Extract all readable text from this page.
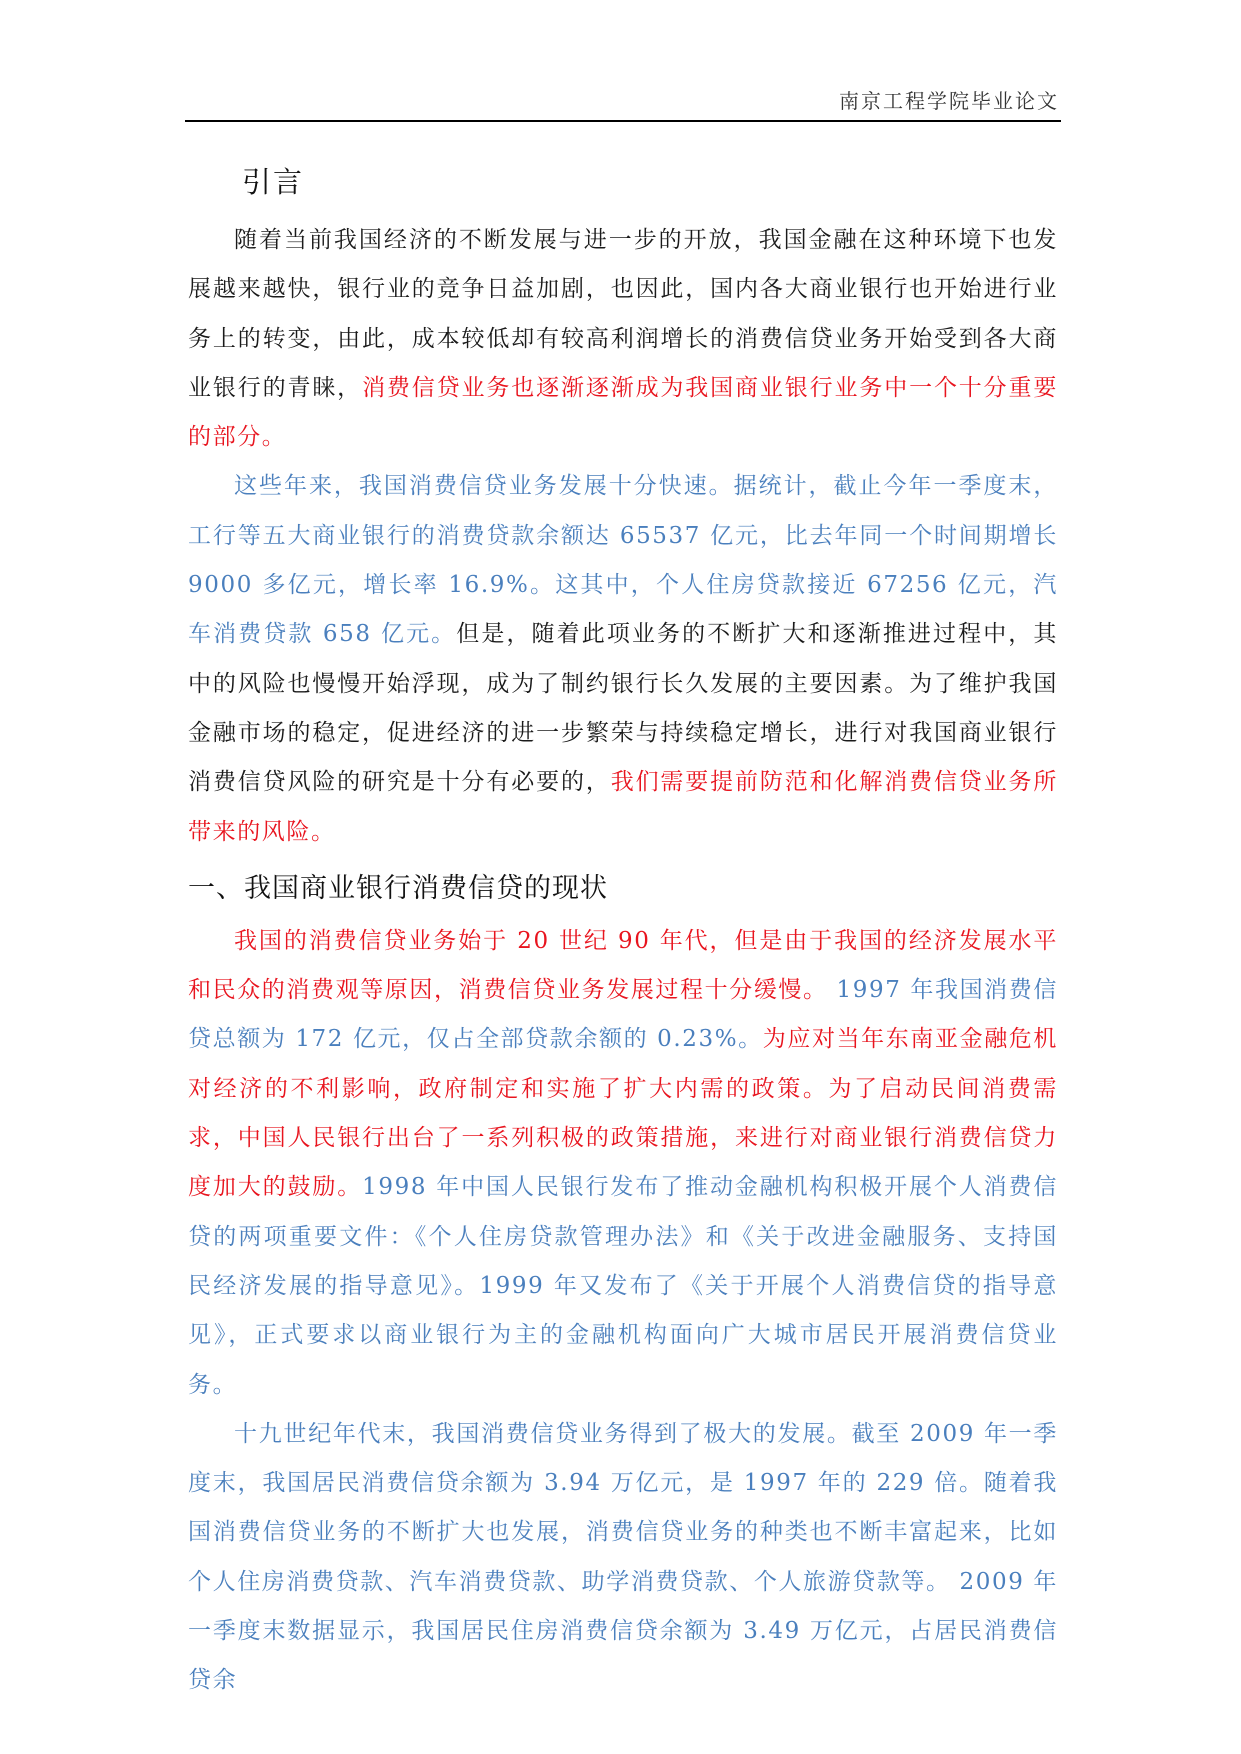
南京工程学院毕业论文
引言

随着当前我国经济的不断发展与进一步的开放，我国金融在这种环境下也发展越来越快，银行业的竞争日益加剧，也因此，国内各大商业银行也开始进行业务上的转变，由此，成本较低却有较高利润增长的消费信贷业务开始受到各大商业银行的青睐，消费信贷业务也逐渐逐渐成为我国商业银行业务中一个十分重要的部分。

这些年来，我国消费信贷业务发展十分快速。据统计，截止今年一季度末，工行等五大商业银行的消费贷款余额达 65537 亿元，比去年同一个时间期增长 9000 多亿元，增长率 16.9%。这其中，个人住房贷款接近 67256 亿元，汽车消费贷款 658 亿元。但是，随着此项业务的不断扩大和逐渐推进过程中，其中的风险也慢慢开始浮现，成为了制约银行长久发展的主要因素。为了维护我国金融市场的稳定，促进经济的进一步繁荣与持续稳定增长，进行对我国商业银行消费信贷风险的研究是十分有必要的，我们需要提前防范和化解消费信贷业务所带来的风险。

一、我国商业银行消费信贷的现状

我国的消费信贷业务始于 20 世纪 90 年代，但是由于我国的经济发展水平和民众的消费观等原因，消费信贷业务发展过程十分缓慢。 1997 年我国消费信贷总额为 172 亿元，仅占全部贷款余额的 0.23%。为应对当年东南亚金融危机对经济的不利影响，政府制定和实施了扩大内需的政策。为了启动民间消费需求，中国人民银行出台了一系列积极的政策措施，来进行对商业银行消费信贷力度加大的鼓励。1998 年中国人民银行发布了推动金融机构积极开展个人消费信贷的两项重要文件：《个人住房贷款管理办法》和《关于改进金融服务、支持国民经济发展的指导意见》。1999 年又发布了《关于开展个人消费信贷的指导意见》，正式要求以商业银行为主的金融机构面向广大城市居民开展消费信贷业务。

十九世纪年代末，我国消费信贷业务得到了极大的发展。截至 2009 年一季度末，我国居民消费信贷余额为 3.94 万亿元，是 1997 年的 229 倍。随着我国消费信贷业务的不断扩大也发展，消费信贷业务的种类也不断丰富起来，比如个人住房消费贷款、汽车消费贷款、助学消费贷款、个人旅游贷款等。 2009 年一季度末数据显示，我国居民住房消费信贷余额为 3.49 万亿元，占居民消费信贷余
